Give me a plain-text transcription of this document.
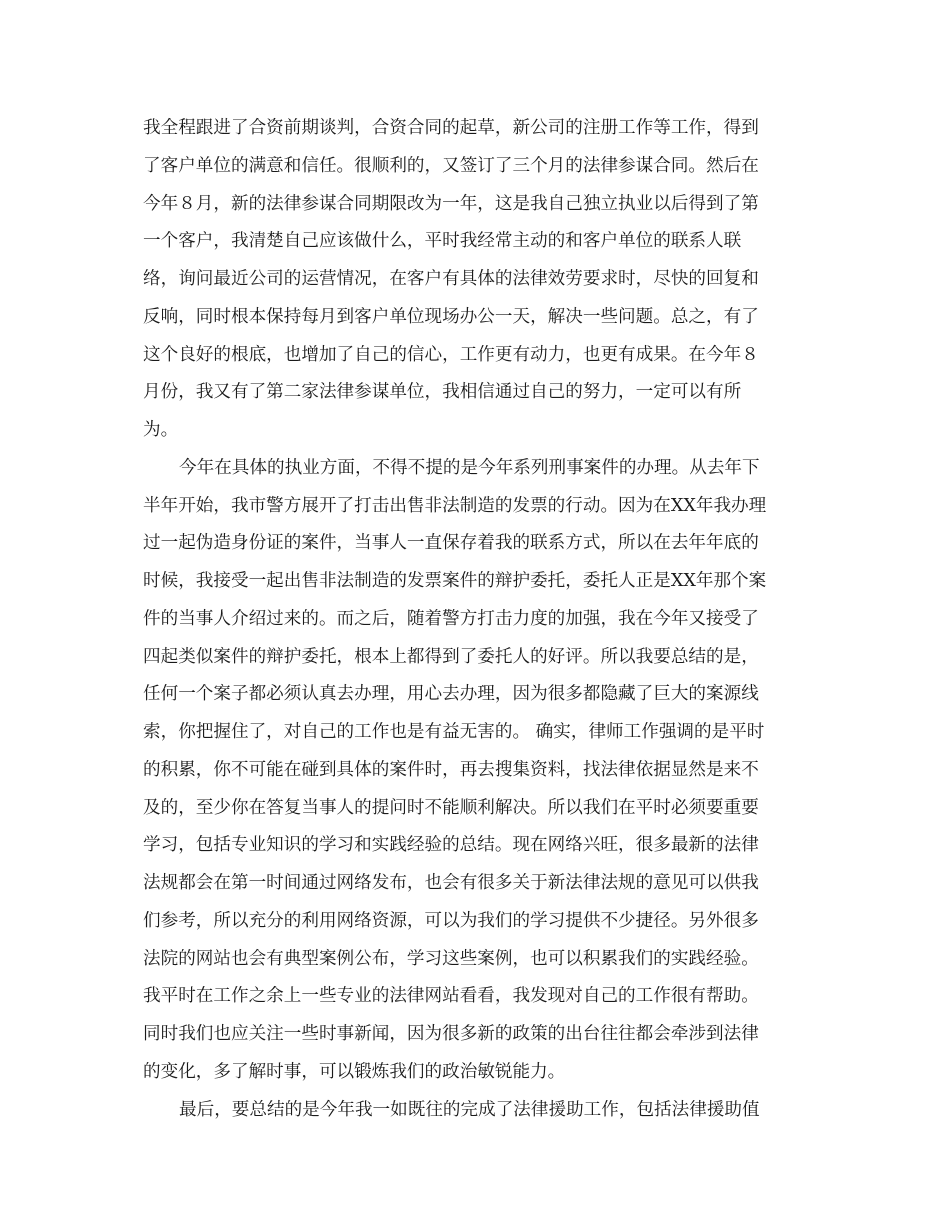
我全程跟进了合资前期谈判，合资合同的起草，新公司的注册工作等工作，得到
了客户单位的满意和信任。很顺利的，又签订了三个月的法律参谋合同。然后在
今年８月，新的法律参谋合同期限改为一年，这是我自己独立执业以后得到了第
一个客户，我清楚自己应该做什么，平时我经常主动的和客户单位的联系人联
络，询问最近公司的运营情况，在客户有具体的法律效劳要求时，尽快的回复和
反响，同时根本保持每月到客户单位现场办公一天，解决一些问题。总之，有了
这个良好的根底，也增加了自己的信心，工作更有动力，也更有成果。在今年８
月份，我又有了第二家法律参谋单位，我相信通过自己的努力，一定可以有所
为。
今年在具体的执业方面，不得不提的是今年系列刑事案件的办理。从去年下
半年开始，我市警方展开了打击出售非法制造的发票的行动。因为在XX年我办理
过一起伪造身份证的案件，当事人一直保存着我的联系方式，所以在去年年底的
时候，我接受一起出售非法制造的发票案件的辩护委托，委托人正是XX年那个案
件的当事人介绍过来的。而之后，随着警方打击力度的加强，我在今年又接受了
四起类似案件的辩护委托，根本上都得到了委托人的好评。所以我要总结的是，
任何一个案子都必须认真去办理，用心去办理，因为很多都隐藏了巨大的案源线
索，你把握住了，对自己的工作也是有益无害的。 确实，律师工作强调的是平时
的积累，你不可能在碰到具体的案件时，再去搜集资料，找法律依据显然是来不
及的，至少你在答复当事人的提问时不能顺利解决。所以我们在平时必须要重要
学习，包括专业知识的学习和实践经验的总结。现在网络兴旺，很多最新的法律
法规都会在第一时间通过网络发布，也会有很多关于新法律法规的意见可以供我
们参考，所以充分的利用网络资源，可以为我们的学习提供不少捷径。另外很多
法院的网站也会有典型案例公布，学习这些案例，也可以积累我们的实践经验。
我平时在工作之余上一些专业的法律网站看看，我发现对自己的工作很有帮助。
同时我们也应关注一些时事新闻，因为很多新的政策的出台往往都会牵涉到法律
的变化，多了解时事，可以锻炼我们的政治敏锐能力。
最后，要总结的是今年我一如既往的完成了法律援助工作，包括法律援助值
